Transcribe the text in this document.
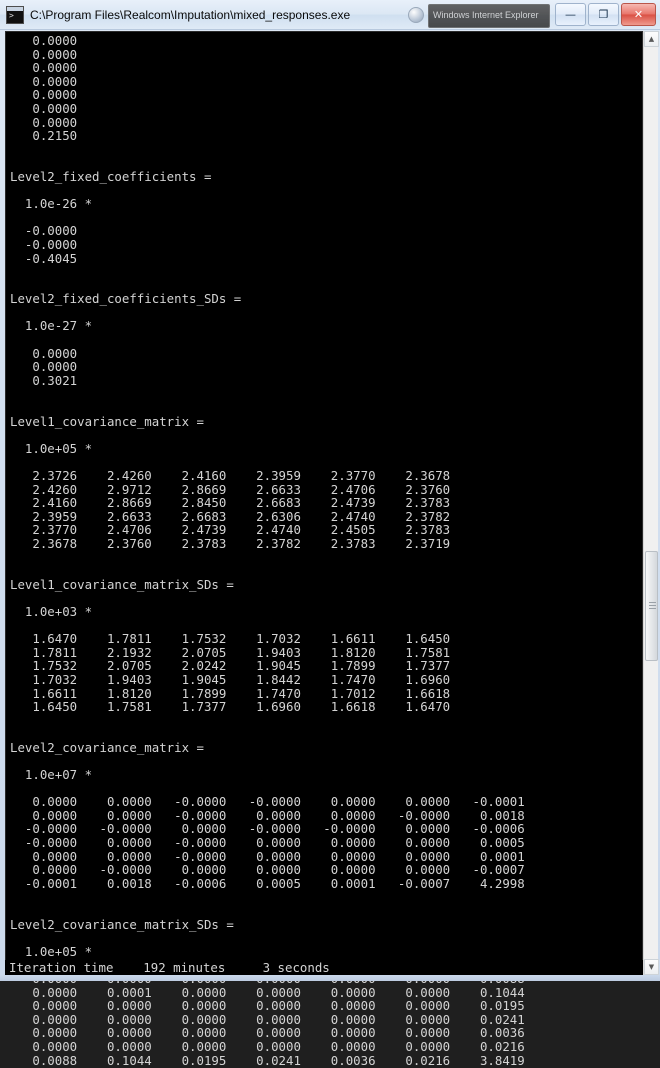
>
C:\Program Files\Realcom\Imputation\mixed_responses.exe	Windows Internet Explorer	—	❐	✕
0.0000
0.0000
0.0000
0.0000
0.0000
0.0000
0.0000
0.2150
Level2_fixed_coefficients =
1.0e-26 *
-0.0000
-0.0000
-0.4045
Level2_fixed_coefficients_SDs =
1.0e-27 *
0.0000
0.0000
0.3021
Level1_covariance_matrix =
1.0e+05 *
2.3726    2.4260    2.4160    2.3959    2.3770    2.3678
2.4260    2.9712    2.8669    2.6633    2.4706    2.3760
2.4160    2.8669    2.8450    2.6683    2.4739    2.3783
2.3959    2.6633    2.6683    2.6306    2.4740    2.3782
2.3770    2.4706    2.4739    2.4740    2.4505    2.3783
2.3678    2.3760    2.3783    2.3782    2.3783    2.3719
Level1_covariance_matrix_SDs =
1.0e+03 *
1.6470    1.7811    1.7532    1.7032    1.6611    1.6450
1.7811    2.1932    2.0705    1.9403    1.8120    1.7581
1.7532    2.0705    2.0242    1.9045    1.7899    1.7377
1.7032    1.9403    1.9045    1.8442    1.7470    1.6960
1.6611    1.8120    1.7899    1.7470    1.7012    1.6618
1.6450    1.7581    1.7377    1.6960    1.6618    1.6470
Level2_covariance_matrix =
1.0e+07 *
0.0000    0.0000   -0.0000   -0.0000    0.0000    0.0000   -0.0001
0.0000    0.0000   -0.0000    0.0000    0.0000   -0.0000    0.0018
-0.0000   -0.0000    0.0000   -0.0000   -0.0000    0.0000   -0.0006
-0.0000    0.0000   -0.0000    0.0000    0.0000    0.0000    0.0005
0.0000    0.0000   -0.0000    0.0000    0.0000    0.0000    0.0001
0.0000   -0.0000    0.0000    0.0000    0.0000    0.0000   -0.0007
-0.0001    0.0018   -0.0006    0.0005    0.0001   -0.0007    4.2998
Level2_covariance_matrix_SDs =
1.0e+05 *
0.0000    0.0001    0.0000    0.0000    0.0000    0.0000    0.1044
0.0000    0.0000    0.0000    0.0000    0.0000    0.0000    0.0195
0.0000    0.0000    0.0000    0.0000    0.0000    0.0000    0.0241
0.0000    0.0000    0.0000    0.0000    0.0000    0.0000    0.0036
0.0000    0.0000    0.0000    0.0000    0.0000    0.0000    0.0216
0.0088    0.1044    0.0195    0.0241    0.0036    0.0216    3.8419
Iteration time    192 minutes     3 seconds
▲
▼
